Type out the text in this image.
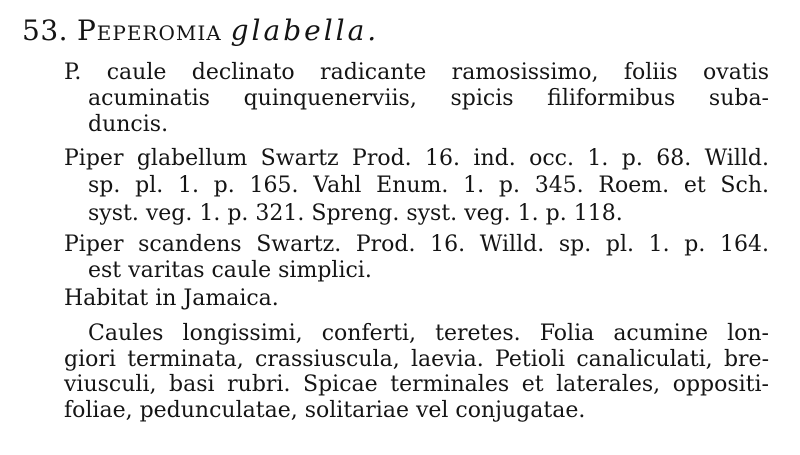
53. Peperomia glabella.
P. caule declinato radicante ramosissimo, foliis ovatis
acuminatis quinquenerviis, spicis filiformibus suba-
duncis.
Piper glabellum Swartz Prod. 16. ind. occ. 1. p. 68. Willd.
sp. pl. 1. p. 165. Vahl Enum. 1. p. 345. Roem. et Sch.
syst. veg. 1. p. 321. Spreng. syst. veg. 1. p. 118.
Piper scandens Swartz. Prod. 16. Willd. sp. pl. 1. p. 164.
est varitas caule simplici.
Habitat in Jamaica.
Caules longissimi, conferti, teretes. Folia acumine lon-
giori terminata, crassiuscula, laevia. Petioli canaliculati, bre-
viusculi, basi rubri. Spicae terminales et laterales, oppositi-
foliae, pedunculatae, solitariae vel conjugatae.
